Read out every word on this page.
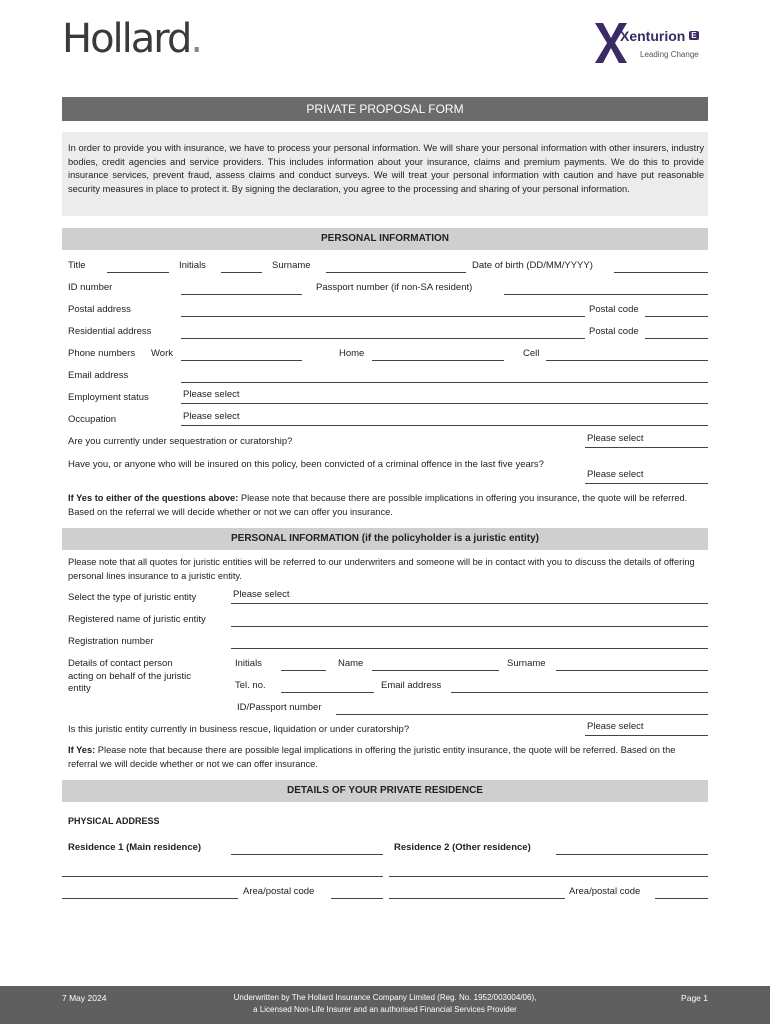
Hollard.	Xenturion E
Leading Change
PRIVATE PROPOSAL FORM
In order to provide you with insurance, we have to process your personal information. We will share your personal information with other insurers, industry bodies, credit agencies and service providers. This includes information about your insurance, claims and premium payments. We do this to provide insurance services, prevent fraud, assess claims and conduct surveys. We will treat your personal information with caution and have put reasonable security measures in place to protect it. By signing the declaration, you agree to the processing and sharing of your personal information.
PERSONAL INFORMATION
Title	Initials	Surname	Date of birth (DD/MM/YYYY)
ID number	Passport number (if non-SA resident)
Postal address	Postal code
Residential address	Postal code
Phone numbers Work	Home	Cell
Email address
Employment status	Please select
Occupation	Please select
Are you currently under sequestration or curatorship?	Please select
Have you, or anyone who will be insured on this policy, been convicted of a criminal offence in the last five years?
Please select
If Yes to either of the questions above: Please note that because there are possible implications in offering you insurance, the quote will be referred. Based on the referral we will decide whether or not we can offer you insurance.
PERSONAL INFORMATION (if the policyholder is a juristic entity)
Please note that all quotes for juristic entities will be referred to our underwriters and someone will be in contact with you to discuss the details of offering personal lines insurance to a juristic entity.
Select the type of juristic entity	Please select
Registered name of juristic entity
Registration number
Details of contact person acting on behalf of the juristic entity
Initials	Name	Surname
Tel. no.	Email address
ID/Passport number
Is this juristic entity currently in business rescue, liquidation or under curatorship?	Please select
If Yes: Please note that because there are possible legal implications in offering the juristic entity insurance, the quote will be referred. Based on the referral we will decide whether or not we can offer insurance.
DETAILS OF YOUR PRIVATE RESIDENCE
PHYSICAL ADDRESS
Residence 1 (Main residence)	Residence 2 (Other residence)
Area/postal code	Area/postal code
7 May 2024	Underwritten by The Hollard Insurance Company Limited (Reg. No. 1952/003004/06),
a Licensed Non-Life Insurer and an authorised Financial Services Provider
Page 1
